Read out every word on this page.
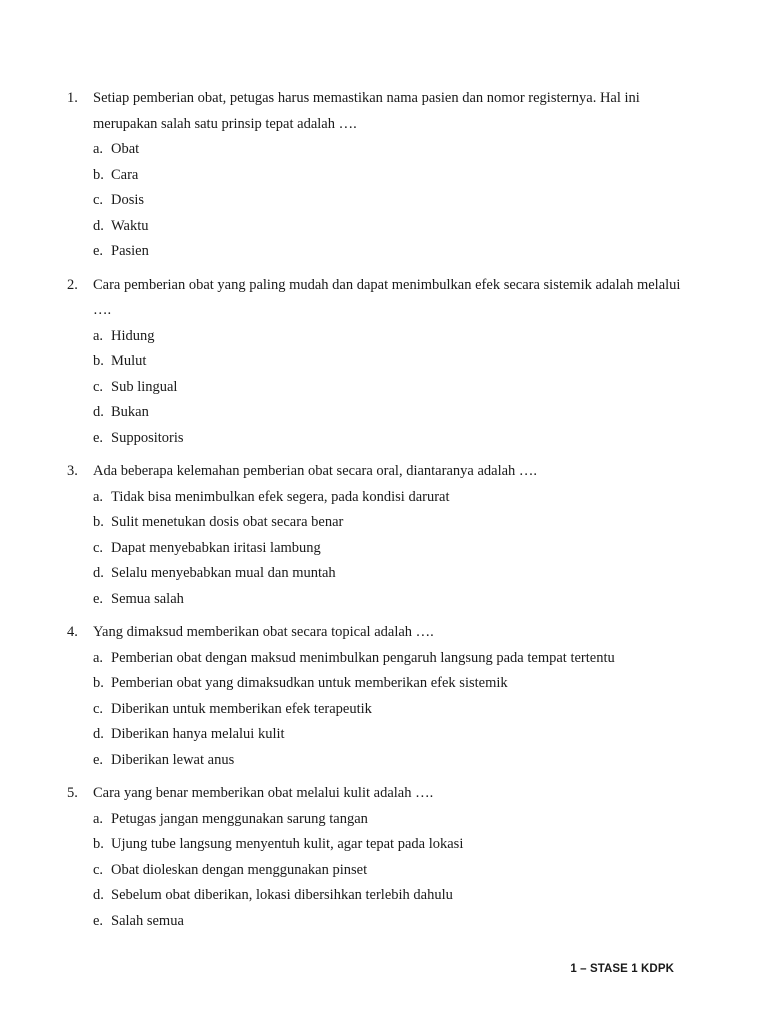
1. Setiap pemberian obat, petugas harus memastikan nama pasien dan nomor registernya. Hal ini merupakan salah satu prinsip tepat adalah ….

a. Obat
b. Cara
c. Dosis
d. Waktu
e. Pasien
2. Cara pemberian obat yang paling mudah dan dapat menimbulkan efek secara sistemik adalah melalui ….

a. Hidung
b. Mulut
c. Sub lingual
d. Bukan
e. Suppositoris
3. Ada beberapa kelemahan pemberian obat secara oral, diantaranya adalah ….

a. Tidak bisa menimbulkan efek segera, pada kondisi darurat
b. Sulit menetukan dosis obat secara benar
c. Dapat menyebabkan iritasi lambung
d. Selalu menyebabkan mual dan muntah
e. Semua salah
4. Yang dimaksud memberikan obat secara topical adalah ….

a. Pemberian obat dengan maksud menimbulkan pengaruh langsung pada tempat tertentu
b. Pemberian obat yang dimaksudkan untuk memberikan efek sistemik
c. Diberikan untuk memberikan efek terapeutik
d. Diberikan hanya melalui kulit
e. Diberikan lewat anus
5. Cara yang benar memberikan obat melalui kulit adalah ….

a. Petugas jangan menggunakan sarung tangan
b. Ujung tube langsung menyentuh kulit, agar tepat pada lokasi
c. Obat dioleskan dengan menggunakan pinset
d. Sebelum obat diberikan, lokasi dibersihkan terlebih dahulu
e. Salah semua
1 – STASE 1 KDPK
